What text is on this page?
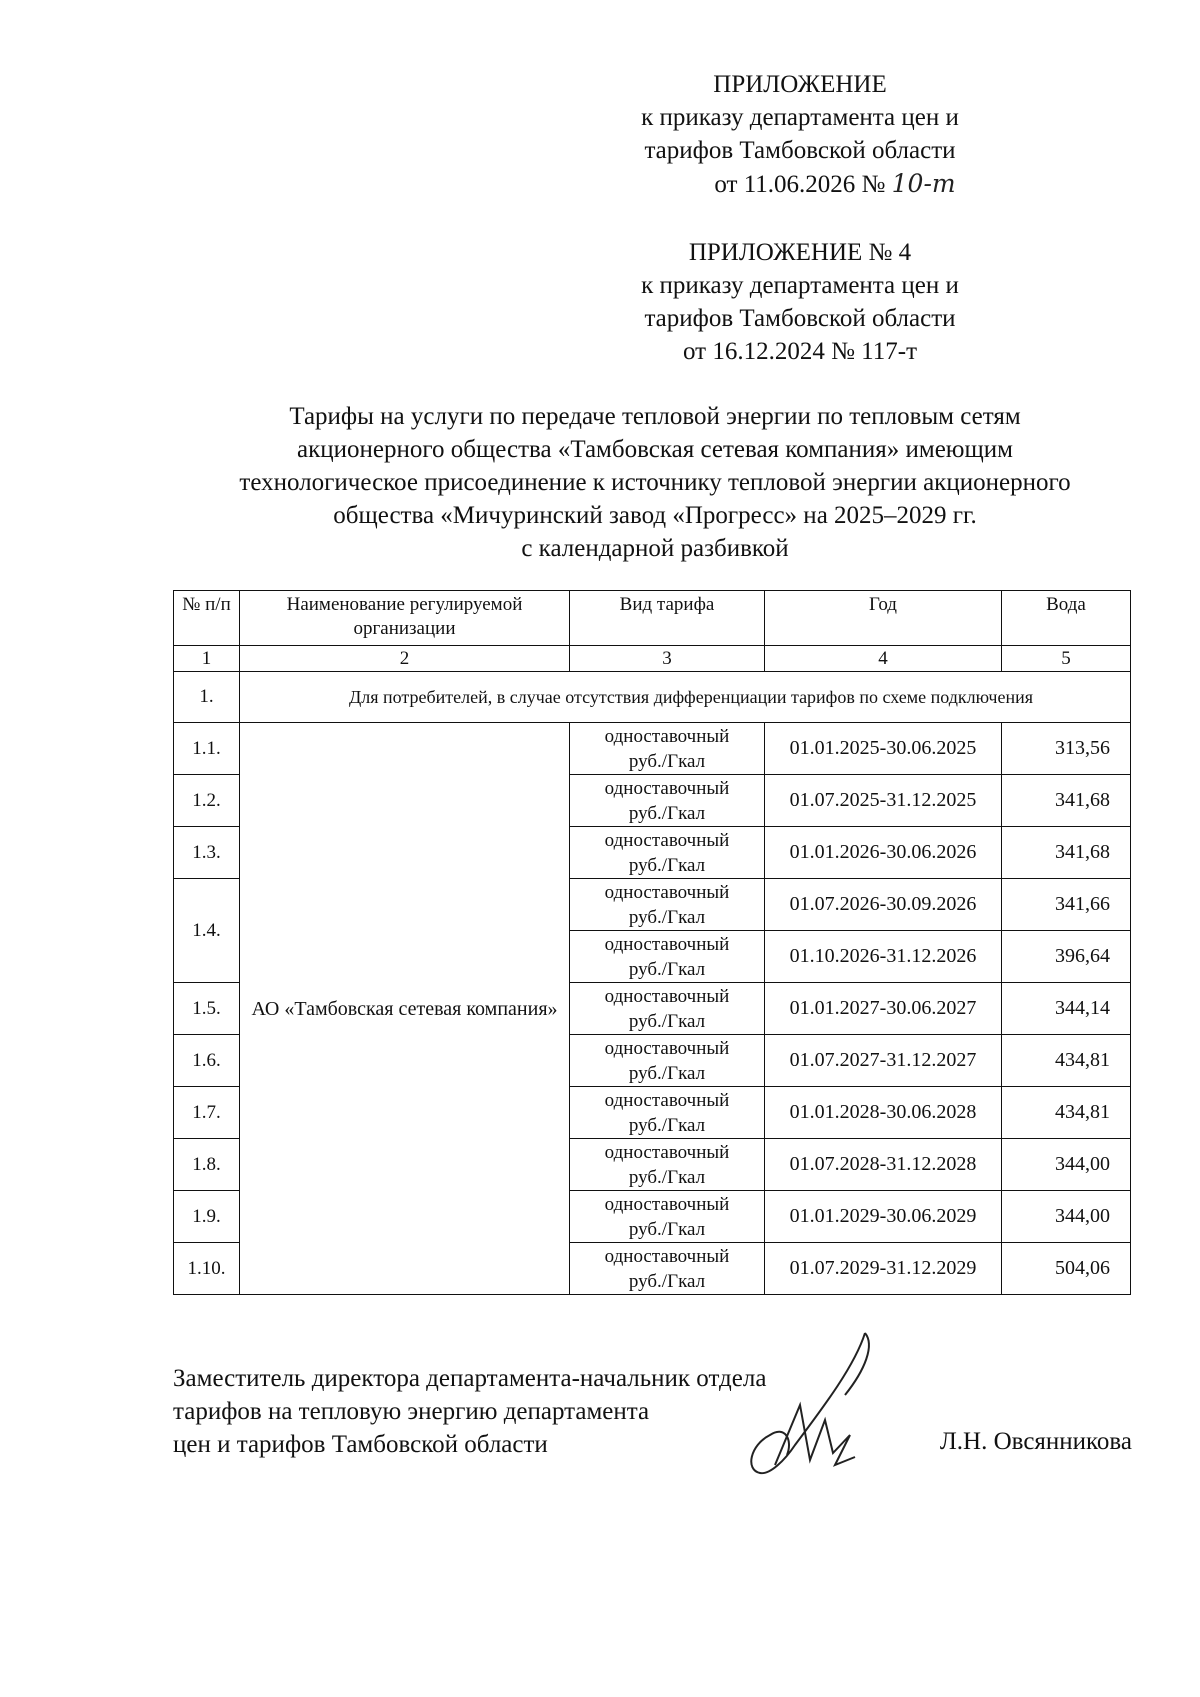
ПРИЛОЖЕНИЕ
к приказу департамента цен и
тарифов Тамбовской области
от 11.06.2026 № 10-т
ПРИЛОЖЕНИЕ № 4
к приказу департамента цен и
тарифов Тамбовской области
от 16.12.2024 № 117-т
Тарифы на услуги по передаче тепловой энергии по тепловым сетям
акционерного общества «Тамбовская сетевая компания» имеющим
технологическое присоединение к источнику тепловой энергии акционерного
общества «Мичуринский завод «Прогресс» на 2025–2029 гг.
с календарной разбивкой
№ п/п	Наименование регулируемой организации	Вид тарифа	Год	Вода
1	2	3	4	5
1.	Для потребителей, в случае отсутствия дифференциации тарифов по схеме подключения			
1.1.	АО «Тамбовская сетевая компания»	одноставочный
руб./Гкал	01.01.2025-30.06.2025	313,56
1.2.		одноставочный
руб./Гкал	01.07.2025-31.12.2025	341,68
1.3.		одноставочный
руб./Гкал	01.01.2026-30.06.2026	341,68
1.4.		одноставочный
руб./Гкал	01.07.2026-30.09.2026	341,66

		одноставочный
руб./Гкал	01.10.2026-31.12.2026	396,64
1.5.		одноставочный
руб./Гкал	01.01.2027-30.06.2027	344,14
1.6.		одноставочный
руб./Гкал	01.07.2027-31.12.2027	434,81
1.7.		одноставочный
руб./Гкал	01.01.2028-30.06.2028	434,81
1.8.		одноставочный
руб./Гкал	01.07.2028-31.12.2028	344,00
1.9.		одноставочный
руб./Гкал	01.01.2029-30.06.2029	344,00
1.10.		одноставочный
руб./Гкал	01.07.2029-31.12.2029	504,06
Заместитель директора департамента-начальник отдела
тарифов на тепловую энергию департамента
цен и тарифов Тамбовской области	Л.Н. Овсянникова
